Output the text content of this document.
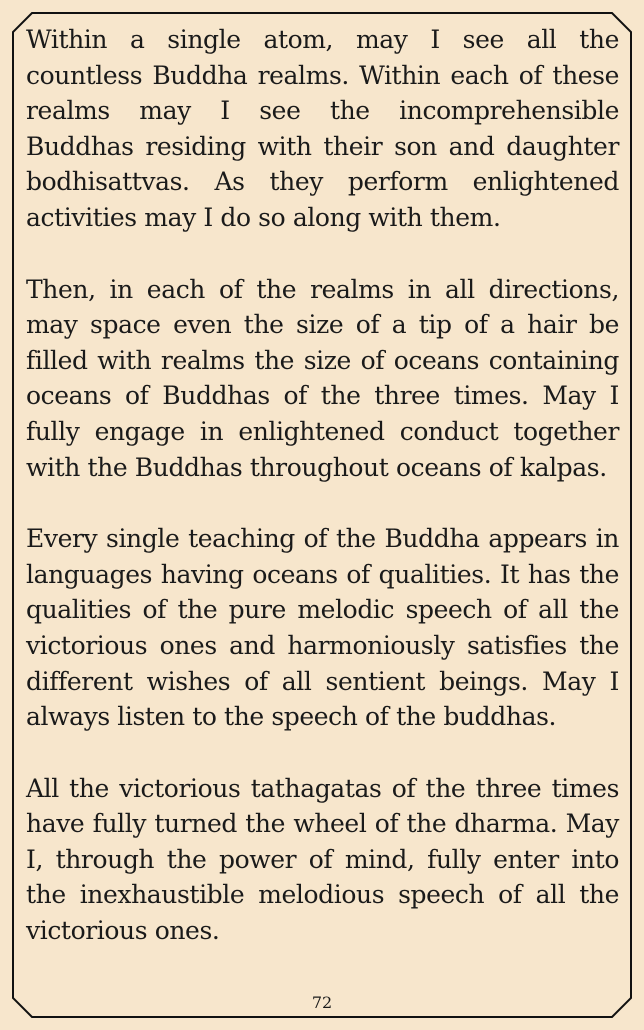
Within a single atom, may I see all the countless Buddha realms. Within each of these realms may I see the incomprehensible Buddhas residing with their son and daughter bodhisattvas. As they perform enlightened activities may I do so along with them.

Then, in each of the realms in all directions, may space even the size of a tip of a hair be filled with realms the size of oceans containing oceans of Buddhas of the three times. May I fully engage in enlightened conduct together with the Buddhas throughout oceans of kalpas.

Every single teaching of the Buddha appears in languages having oceans of qualities. It has the qualities of the pure melodic speech of all the victorious ones and harmoniously satisfies the different wishes of all sentient beings. May I always listen to the speech of the buddhas.

All the victorious tathagatas of the three times have fully turned the wheel of the dharma. May I, through the power of mind, fully enter into the inexhaustible melodious speech of all the victorious ones.

72
